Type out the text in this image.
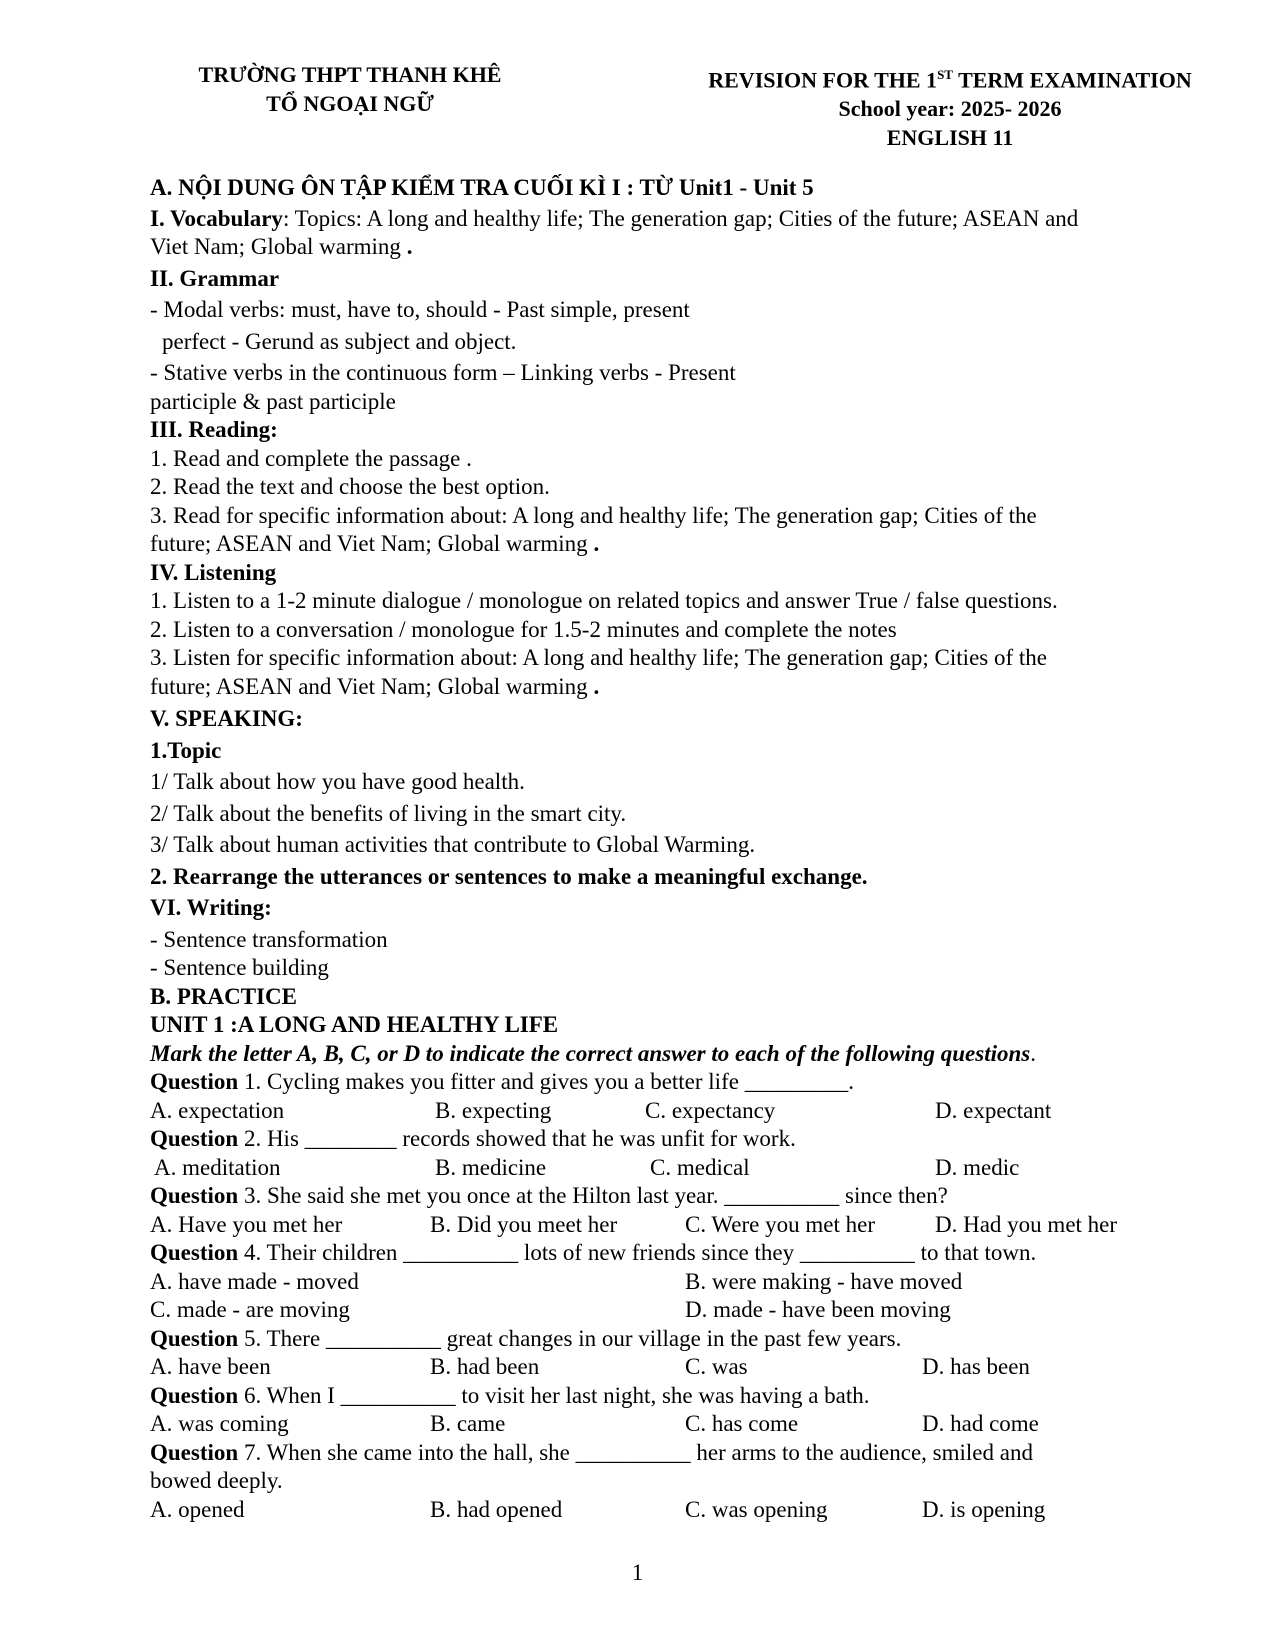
TRƯỜNG THPT THANH KHÊ
TỔ NGOẠI NGỮ
REVISION FOR THE 1ST TERM EXAMINATION
School year: 2025- 2026
ENGLISH 11
A. NỘI DUNG ÔN TẬP KIỂM TRA CUỐI KÌ I : TỪ Unit1 - Unit 5
I. Vocabulary: Topics: A long and healthy life; The generation gap; Cities of the future; ASEAN and
Viet Nam; Global warming .
II. Grammar
- Modal verbs: must, have to, should - Past simple, present
perfect - Gerund as subject and object.
- Stative verbs in the continuous form – Linking verbs - Present
participle & past participle
III. Reading:
1. Read and complete the passage .
2. Read the text and choose the best option.
3. Read for specific information about: A long and healthy life; The generation gap; Cities of the
future; ASEAN and Viet Nam; Global warming .
IV. Listening
1. Listen to a 1-2 minute dialogue / monologue on related topics and answer True / false questions.
2. Listen to a conversation / monologue for 1.5-2 minutes and complete the notes
3. Listen for specific information about: A long and healthy life; The generation gap; Cities of the
future; ASEAN and Viet Nam; Global warming .
V. SPEAKING:
1.Topic
1/ Talk about how you have good health.
2/ Talk about the benefits of living in the smart city.
3/ Talk about human activities that contribute to Global Warming.
2. Rearrange the utterances or sentences to make a meaningful exchange.
VI. Writing:
- Sentence transformation
- Sentence building
B. PRACTICE
UNIT 1 :A LONG AND HEALTHY LIFE
Mark the letter A, B, C, or D to indicate the correct answer to each of the following questions.
Question 1. Cycling makes you fitter and gives you a better life _________.
A. expectation	B. expecting	C. expectancy	D. expectant
Question 2. His ________ records showed that he was unfit for work.
A. meditation	B. medicine	C. medical	D. medic
Question 3. She said she met you once at the Hilton last year. __________ since then?
A. Have you met her	B. Did you meet her	C. Were you met her	D. Had you met her
Question 4. Their children __________ lots of new friends since they __________ to that town.
A. have made - moved	B. were making - have moved
C. made - are moving	D. made - have been moving
Question 5. There __________ great changes in our village in the past few years.
A. have been	B. had been	C. was	D. has been
Question 6. When I __________ to visit her last night, she was having a bath.
A. was coming	B. came	C. has come	D. had come
Question 7. When she came into the hall, she __________ her arms to the audience, smiled and
bowed deeply.
A. opened	B. had opened	C. was opening	D. is opening
1
